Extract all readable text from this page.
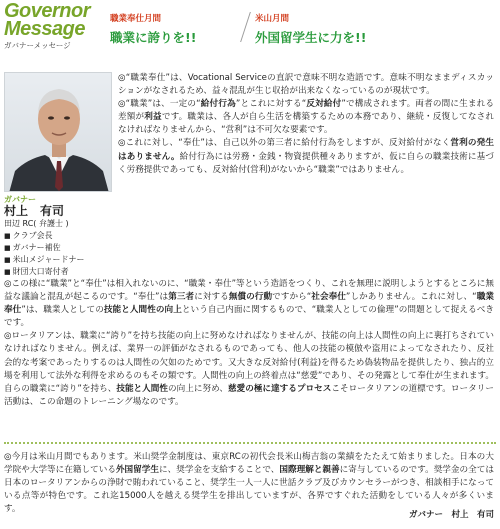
Governor
Message
ガバナーメッセージ
職業奉仕月間
職業に誇りを!!
米山月間
外国留学生に力を!!
ガバナー
村上　有司
田辺 RC( 弁護士 )
■ クラブ会長
■ ガバナー補佐
■ 米山メジャードナー
■ 財団大口寄付者

◎“職業奉仕”は、Vocational Serviceの直訳で意味不明な造語です。意味不明なままディスカッションがなされるため、益々混乱が生じ収拾が出来なくなっているのが現状です。

◎“職業”は、一定の“給付行為”とこれに対する“反対給付”で構成されます。両者の間に生まれる差額が利益です。職業は、各人が自ら生活を構築するための本務であり、継続・反復してなされなければなりませんから、“営利”は不可欠な要素です。

◎これに対し、“奉仕”は、自己以外の第三者に給付行為をしますが、反対給付がなく営利の発生はありません。給付行為には労務・金銭・物資提供種々ありますが、仮に自らの職業技術に基づく労務提供であっても、反対給付(営利)がないから“職業”ではありません。

◎この様に“職業”と“奉仕”は相入れないのに、“職業・奉仕”等という造語をつくり、これを無理に説明しようとするところに無益な議論と混乱が起こるのです。“奉仕”は第三者に対する無償の行動ですから“社会奉仕”しかありません。これに対し、“職業奉仕”は、職業人としての技能と人間性の向上という自己内面に関するもので、“職業人としての倫理”の問題として捉えるべきです。

◎ロータリアンは、職業に“誇り”を持ち技能の向上に努めなければなりませんが、技能の向上は人間性の向上に裏打ちされていなければなりません。例えば、業界一の評価がなされるものであっても、他人の技能の模倣や盗用によってなされたり、反社会的な考案であったりするのは人間性の欠如のためです。又大きな反対給付(利益)を得るため偽装物品を提供したり、独占的立場を利用して法外な利得を求めるのもその類です。人間性の向上の終着点は“慈愛”であり、その発露として奉仕が生まれます。自らの職業に“誇り”を持ち、技能と人間性の向上に努め、慈愛の極に達するプロセスこそロータリアンの道標です。ロータリー活動は、この命題のトレーニング場なのです。

◎今月は米山月間でもあります。米山奨学金制度は、東京RCの初代会長米山梅吉翁の業績をたたえて始まりました。日本の大学院や大学等に在籍している外国留学生に、奨学金を支給することで、国際理解と親善に寄与しているのです。奨学金の全ては日本のロータリアンからの浄財で賄われていること、奨学生一人一人に世話クラブ及びカウンセラーがつき、相談相手になっている点等が特色です。これ迄15000人を越える奨学生を排出していますが、各界ですぐれた活動をしている人々が多くいます。

ガバナー　村上　有司
